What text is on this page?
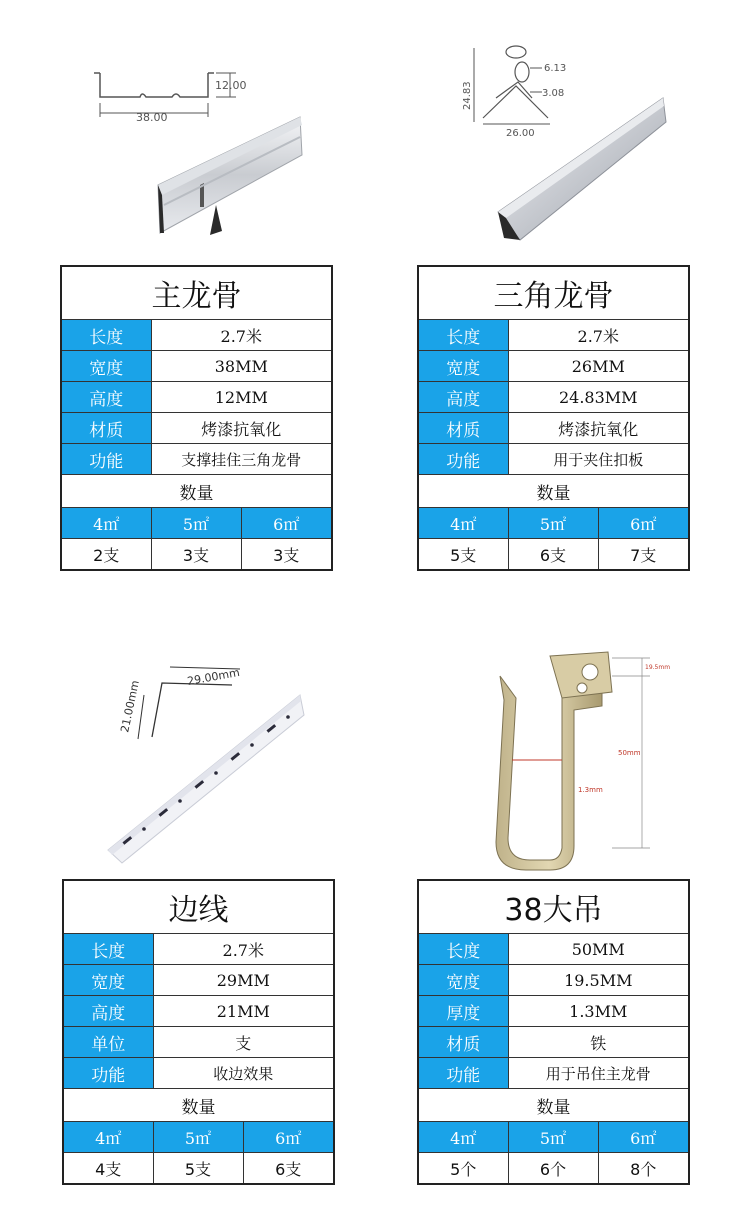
12.00
38.00
24.83
6.13
3.08
26.00
29.00mm
21.00mm
19.5mm
50mm
1.3mm
主龙骨		
长度	2.7米	
宽度	38MM	
高度	12MM	
材质	烤漆抗氧化	
功能	支撑挂住三角龙骨	
数量		
4㎡	5㎡	6㎡
2支	3支	3支
三角龙骨		
长度	2.7米	
宽度	26MM	
高度	24.83MM	
材质	烤漆抗氧化	
功能	用于夹住扣板	
数量		
4㎡	5㎡	6㎡
5支	6支	7支
边线		
长度	2.7米	
宽度	29MM	
高度	21MM	
单位	支	
功能	收边效果	
数量		
4㎡	5㎡	6㎡
4支	5支	6支
38大吊		
长度	50MM	
宽度	19.5MM	
厚度	1.3MM	
材质	铁	
功能	用于吊住主龙骨	
数量		
4㎡	5㎡	6㎡
5个	6个	8个
